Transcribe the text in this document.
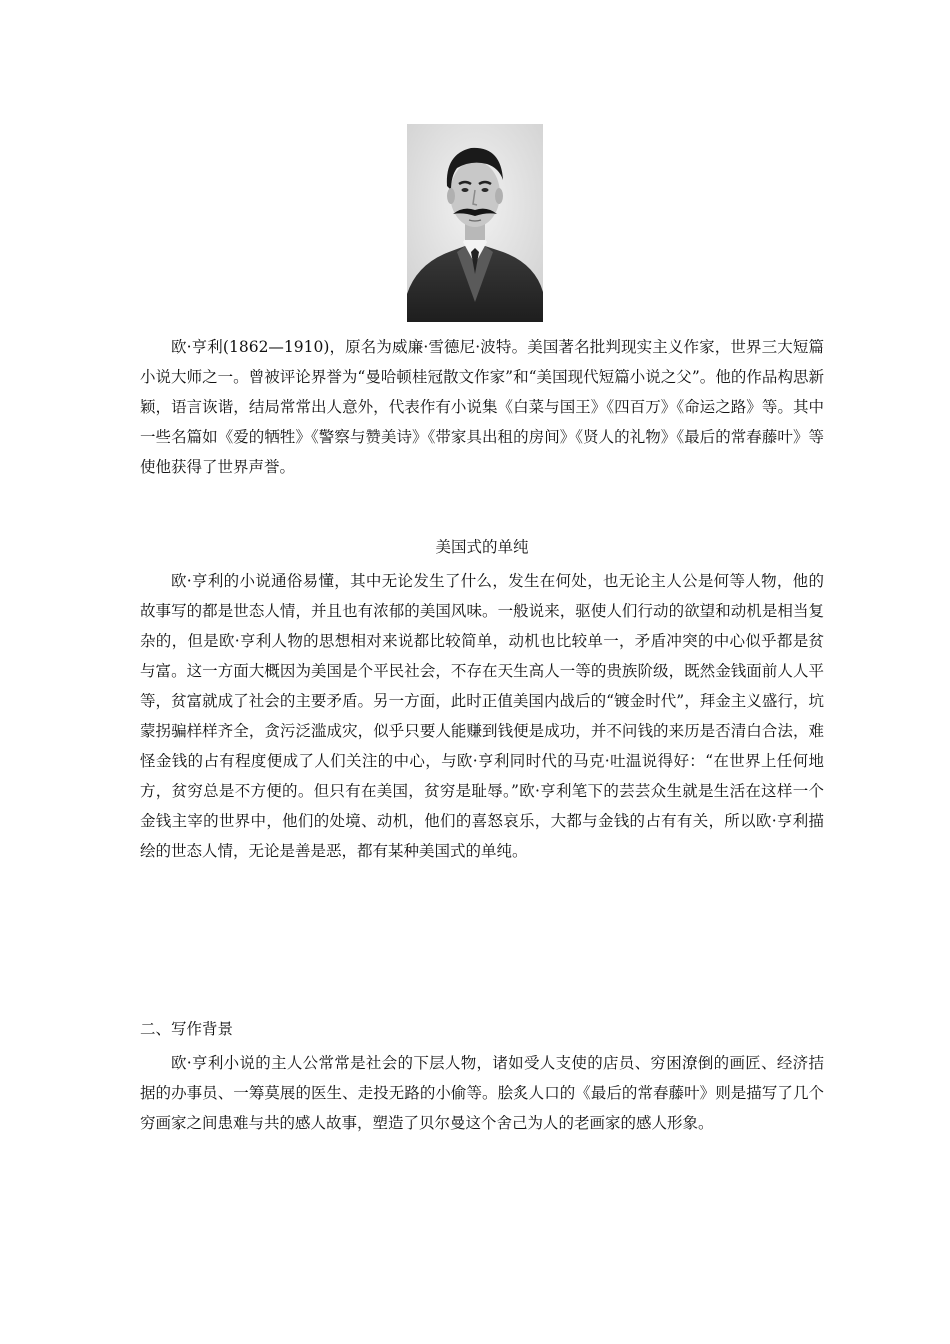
欧·亨利(1862—1910)，原名为威廉·雪德尼·波特。美国著名批判现实主义作家，世界三大短篇小说大师之一。曾被评论界誉为“曼哈顿桂冠散文作家”和“美国现代短篇小说之父”。他的作品构思新颖，语言诙谐，结局常常出人意外，代表作有小说集《白菜与国王》《四百万》《命运之路》等。其中一些名篇如《爱的牺牲》《警察与赞美诗》《带家具出租的房间》《贤人的礼物》《最后的常春藤叶》等使他获得了世界声誉。

美国式的单纯

欧·亨利的小说通俗易懂，其中无论发生了什么，发生在何处，也无论主人公是何等人物，他的故事写的都是世态人情，并且也有浓郁的美国风味。一般说来，驱使人们行动的欲望和动机是相当复杂的，但是欧·亨利人物的思想相对来说都比较简单，动机也比较单一，矛盾冲突的中心似乎都是贫与富。这一方面大概因为美国是个平民社会，不存在天生高人一等的贵族阶级，既然金钱面前人人平等，贫富就成了社会的主要矛盾。另一方面，此时正值美国内战后的“镀金时代”，拜金主义盛行，坑蒙拐骗样样齐全，贪污泛滥成灾，似乎只要人能赚到钱便是成功，并不问钱的来历是否清白合法，难怪金钱的占有程度便成了人们关注的中心，与欧·亨利同时代的马克·吐温说得好：“在世界上任何地方，贫穷总是不方便的。但只有在美国，贫穷是耻辱。”欧·亨利笔下的芸芸众生就是生活在这样一个金钱主宰的世界中，他们的处境、动机，他们的喜怒哀乐，大都与金钱的占有有关，所以欧·亨利描绘的世态人情，无论是善是恶，都有某种美国式的单纯。

二、写作背景

欧·亨利小说的主人公常常是社会的下层人物，诸如受人支使的店员、穷困潦倒的画匠、经济拮据的办事员、一筹莫展的医生、走投无路的小偷等。脍炙人口的《最后的常春藤叶》则是描写了几个穷画家之间患难与共的感人故事，塑造了贝尔曼这个舍己为人的老画家的感人形象。
